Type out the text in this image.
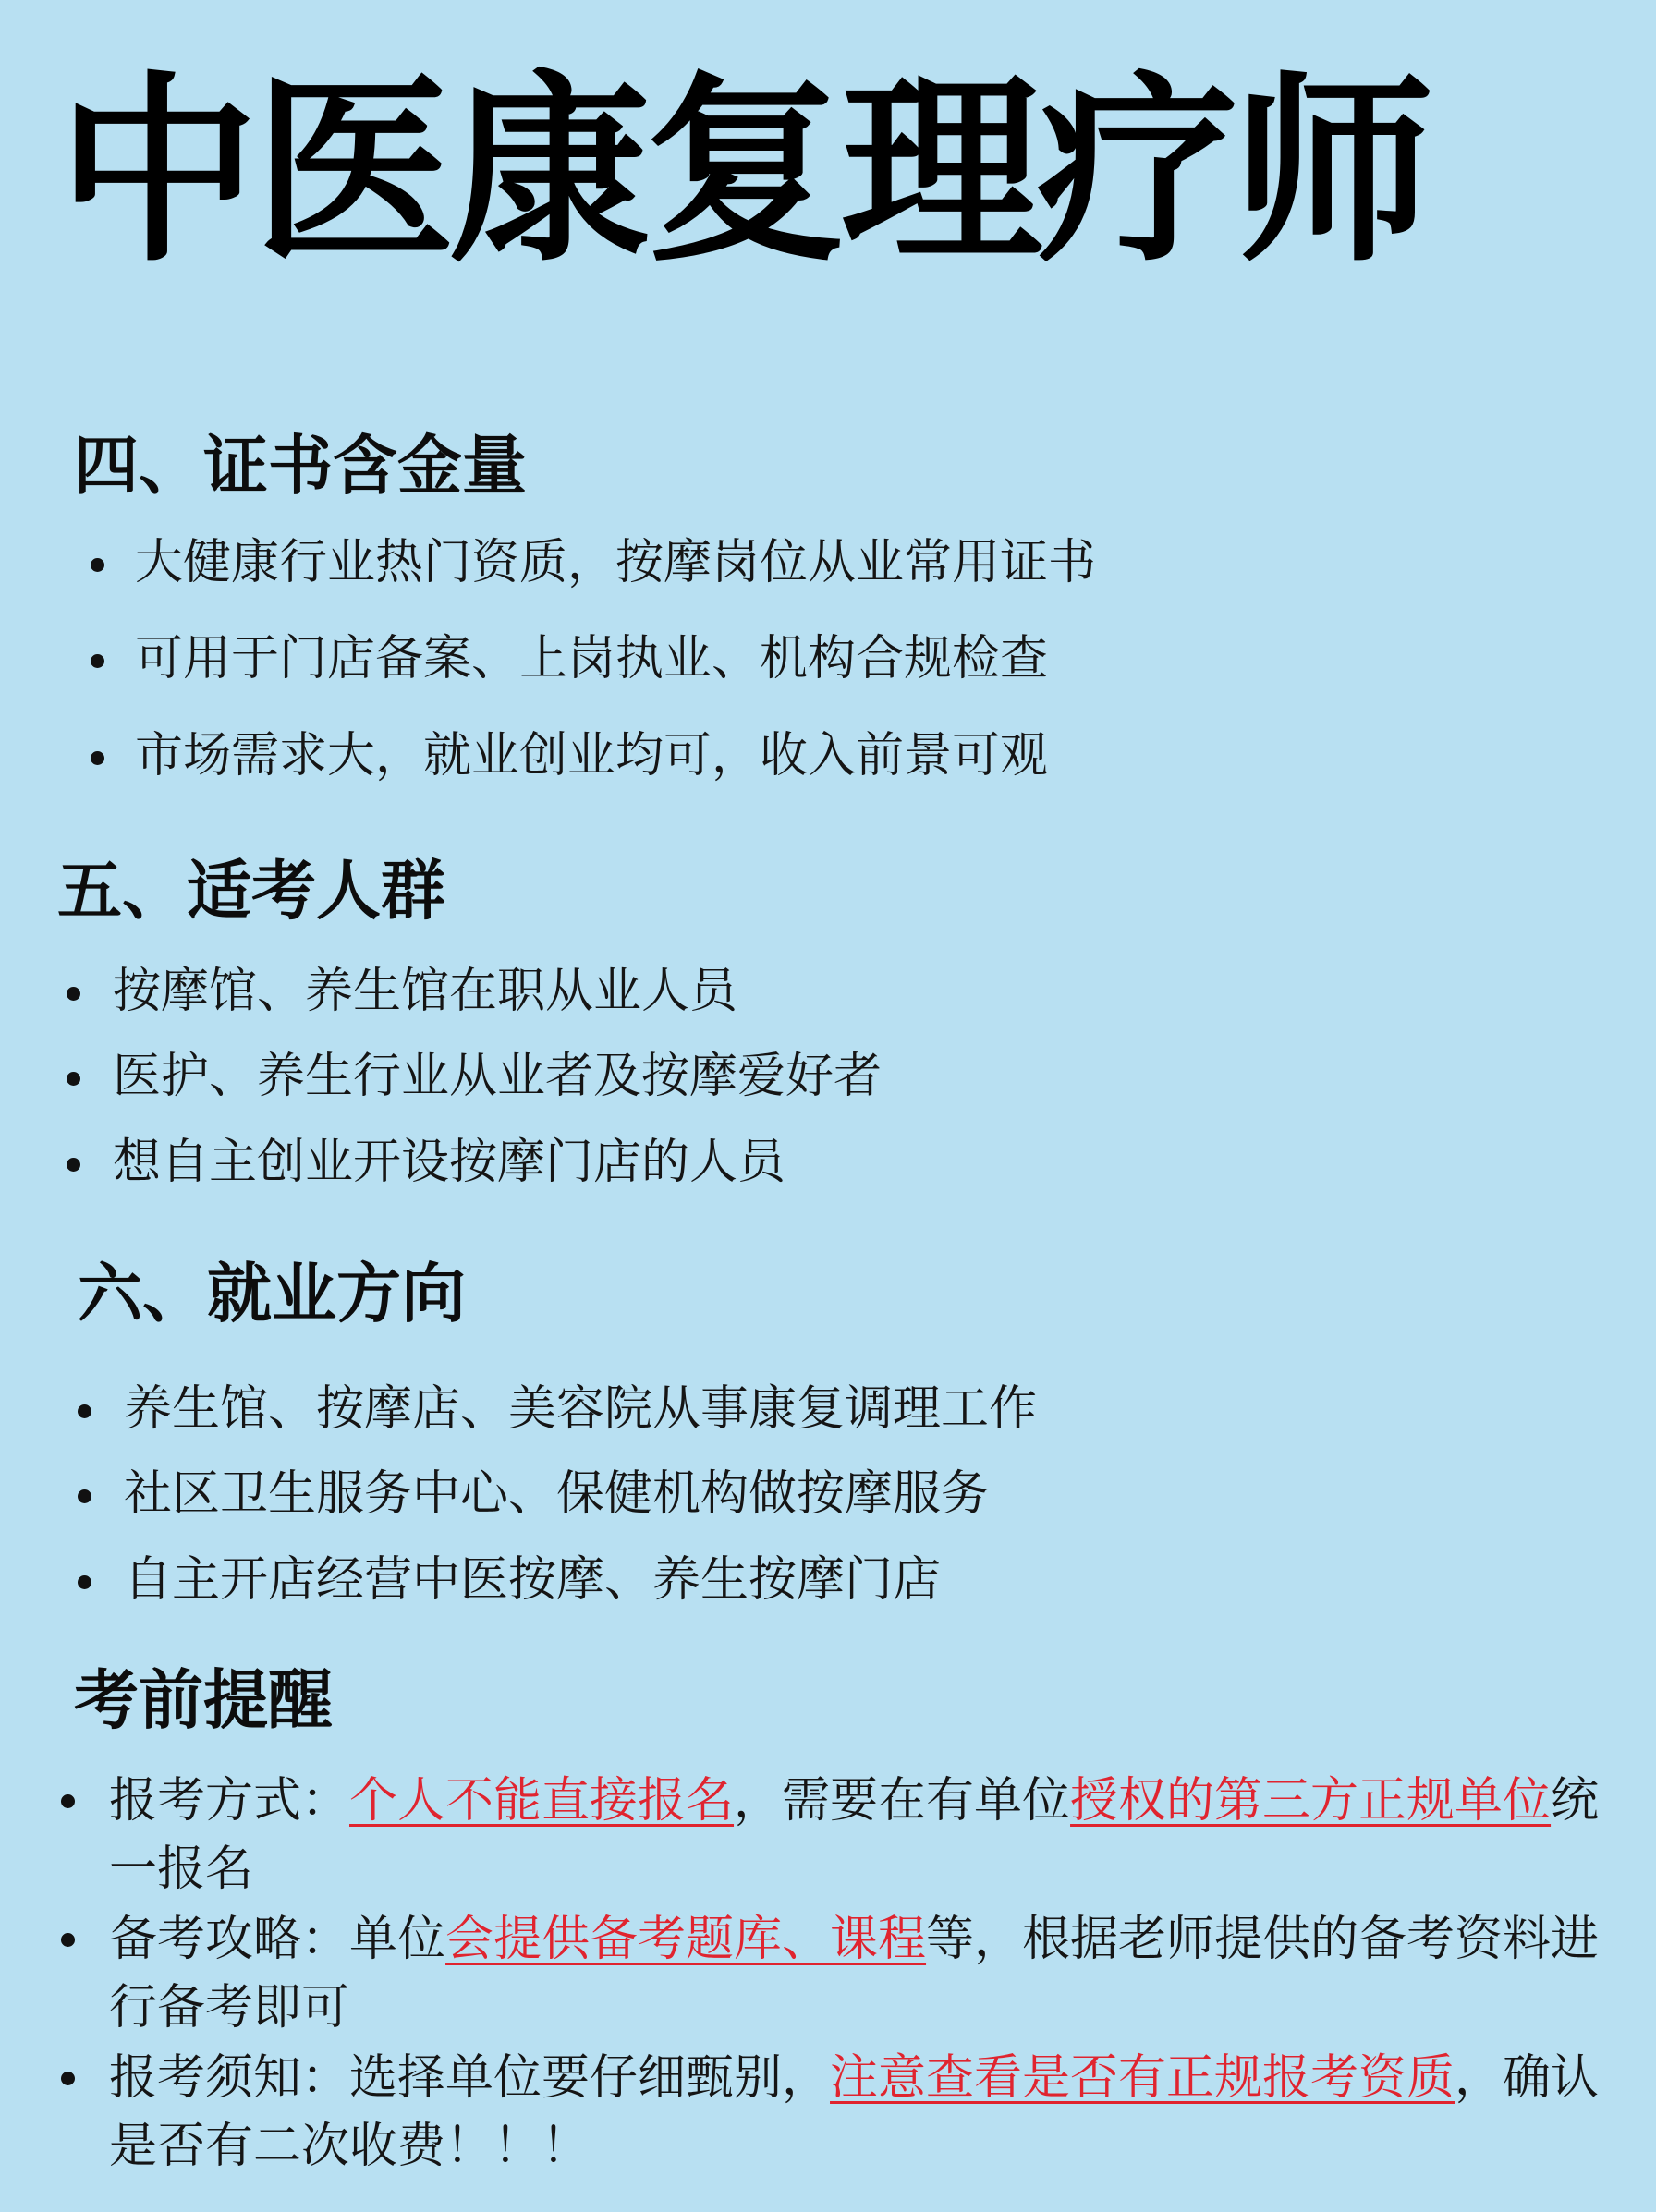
中医康复理疗师
四、证书含金量
大健康行业热门资质，按摩岗位从业常用证书
可用于门店备案、上岗执业、机构合规检查
市场需求大，就业创业均可，收入前景可观
五、适考人群
按摩馆、养生馆在职从业人员
医护、养生行业从业者及按摩爱好者
想自主创业开设按摩门店的人员
六、就业方向
养生馆、按摩店、美容院从事康复调理工作
社区卫生服务中心、保健机构做按摩服务
自主开店经营中医按摩、养生按摩门店
考前提醒
报考方式：个人不能直接报名，需要在有单位授权的第三方正规单位统一报名
备考攻略：单位会提供备考题库、课程等，根据老师提供的备考资料进行备考即可
报考须知：选择单位要仔细甄别，注意查看是否有正规报考资质，确认是否有二次收费！！！
